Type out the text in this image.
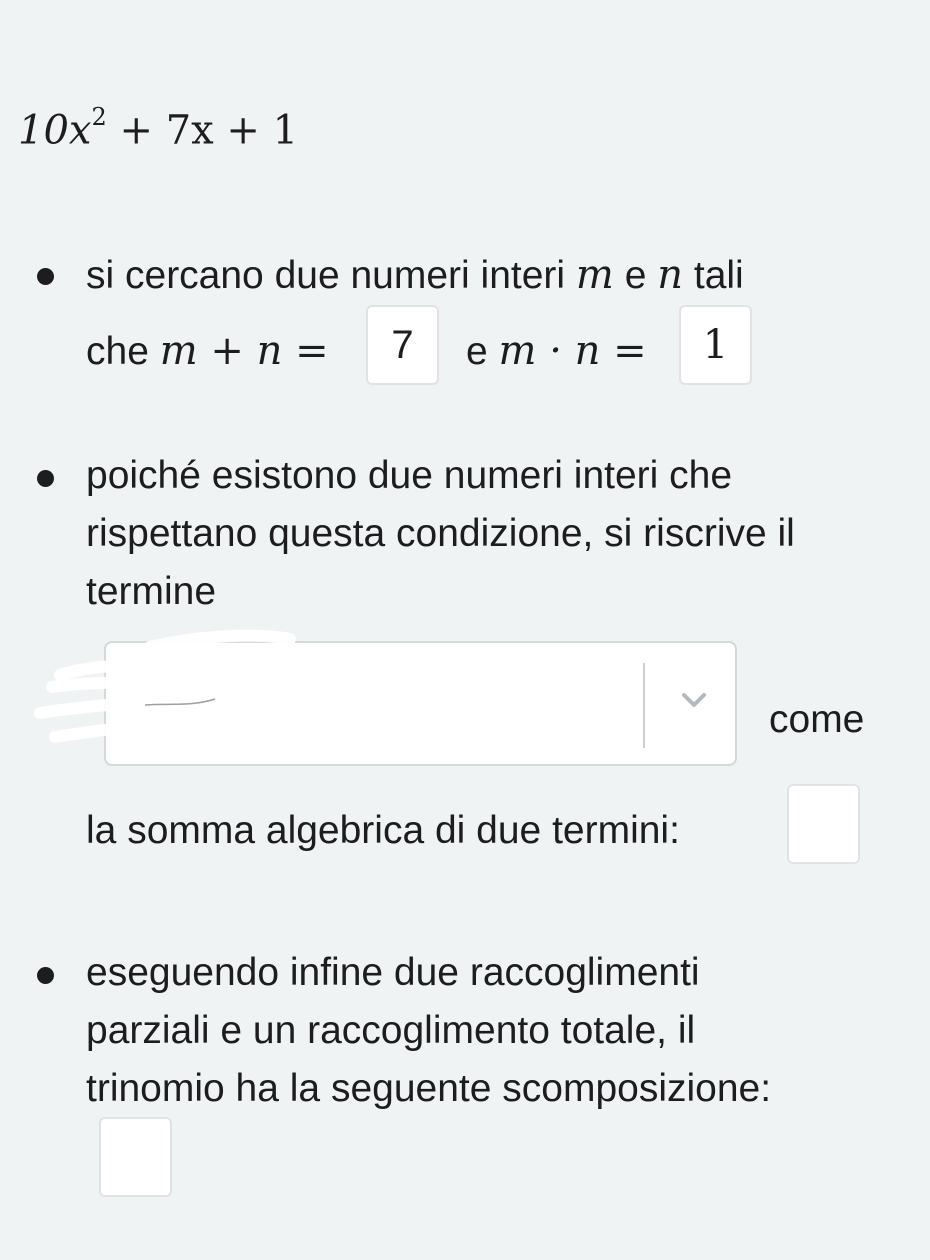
$10x^2 + 7x + 1$
si cercano due numeri interi m e n tali
che m + n = 7 e m · n = 1
poiché esistono due numeri interi che
rispettano questa condizione, si riscrive il
termine
come
la somma algebrica di due termini:
eseguendo infine due raccoglimenti
parziali e un raccoglimento totale, il
trinomio ha la seguente scomposizione:
